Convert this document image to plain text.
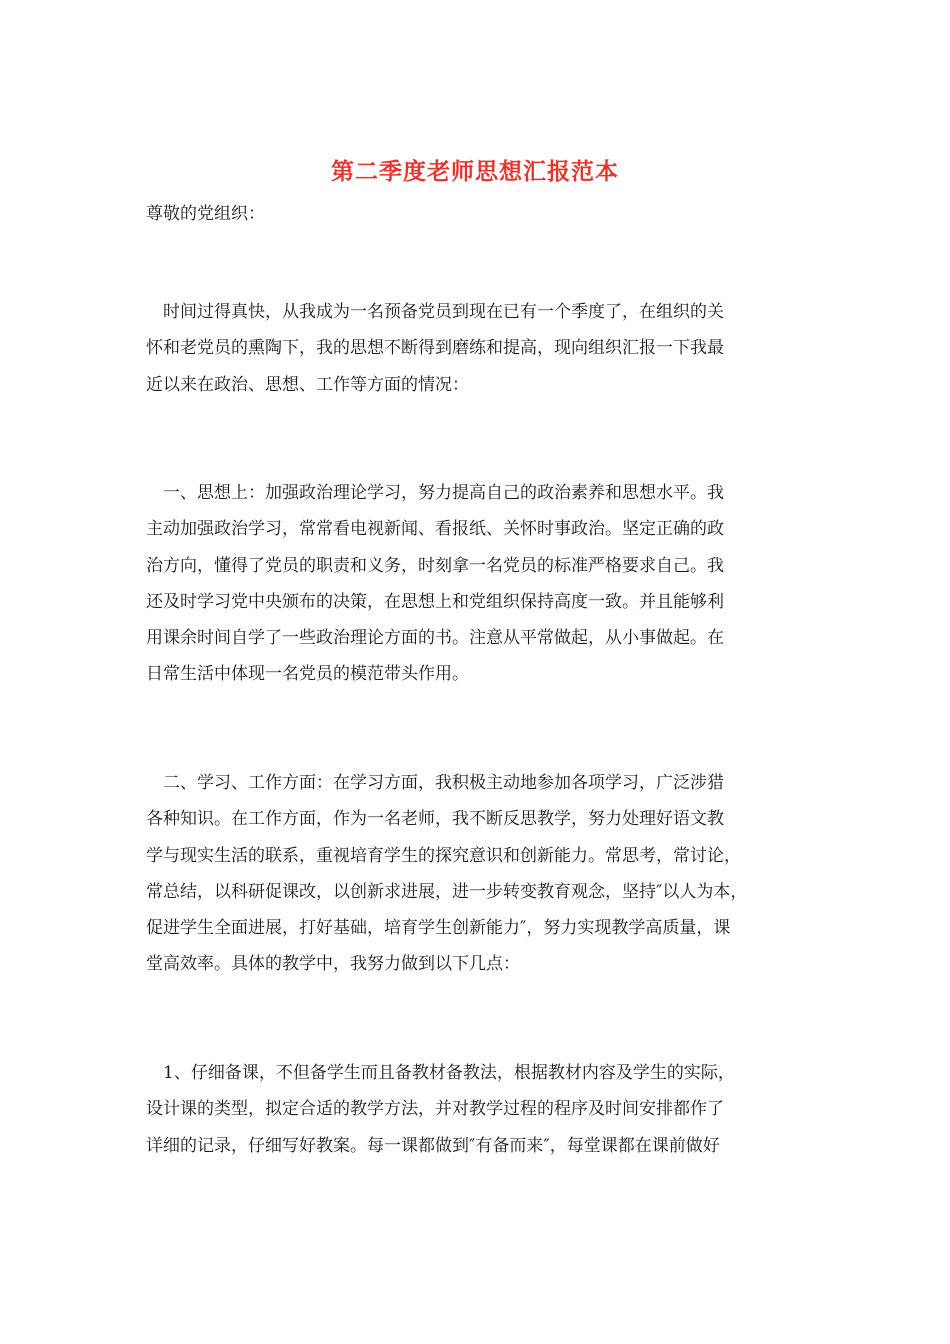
第二季度老师思想汇报范本

尊敬的党组织：

时间过得真快，从我成为一名预备党员到现在已有一个季度了，在组织的关
怀和老党员的熏陶下，我的思想不断得到磨练和提高，现向组织汇报一下我最
近以来在政治、思想、工作等方面的情况：

一、思想上：加强政治理论学习，努力提高自己的政治素养和思想水平。我
主动加强政治学习，常常看电视新闻、看报纸、关怀时事政治。坚定正确的政
治方向，懂得了党员的职责和义务，时刻拿一名党员的标准严格要求自己。我
还及时学习党中央颁布的决策，在思想上和党组织保持高度一致。并且能够利
用课余时间自学了一些政治理论方面的书。注意从平常做起，从小事做起。在
日常生活中体现一名党员的模范带头作用。

二、学习、工作方面：在学习方面，我积极主动地参加各项学习，广泛涉猎
各种知识。在工作方面，作为一名老师，我不断反思教学，努力处理好语文教
学与现实生活的联系，重视培育学生的探究意识和创新能力。常思考，常讨论，
常总结，以科研促课改，以创新求进展，进一步转变教育观念，坚持″以人为本，
促进学生全面进展，打好基础，培育学生创新能力″，努力实现教学高质量，课
堂高效率。具体的教学中，我努力做到以下几点：

1、仔细备课，不但备学生而且备教材备教法，根据教材内容及学生的实际，
设计课的类型，拟定合适的教学方法，并对教学过程的程序及时间安排都作了
详细的记录，仔细写好教案。每一课都做到″有备而来″，每堂课都在课前做好
